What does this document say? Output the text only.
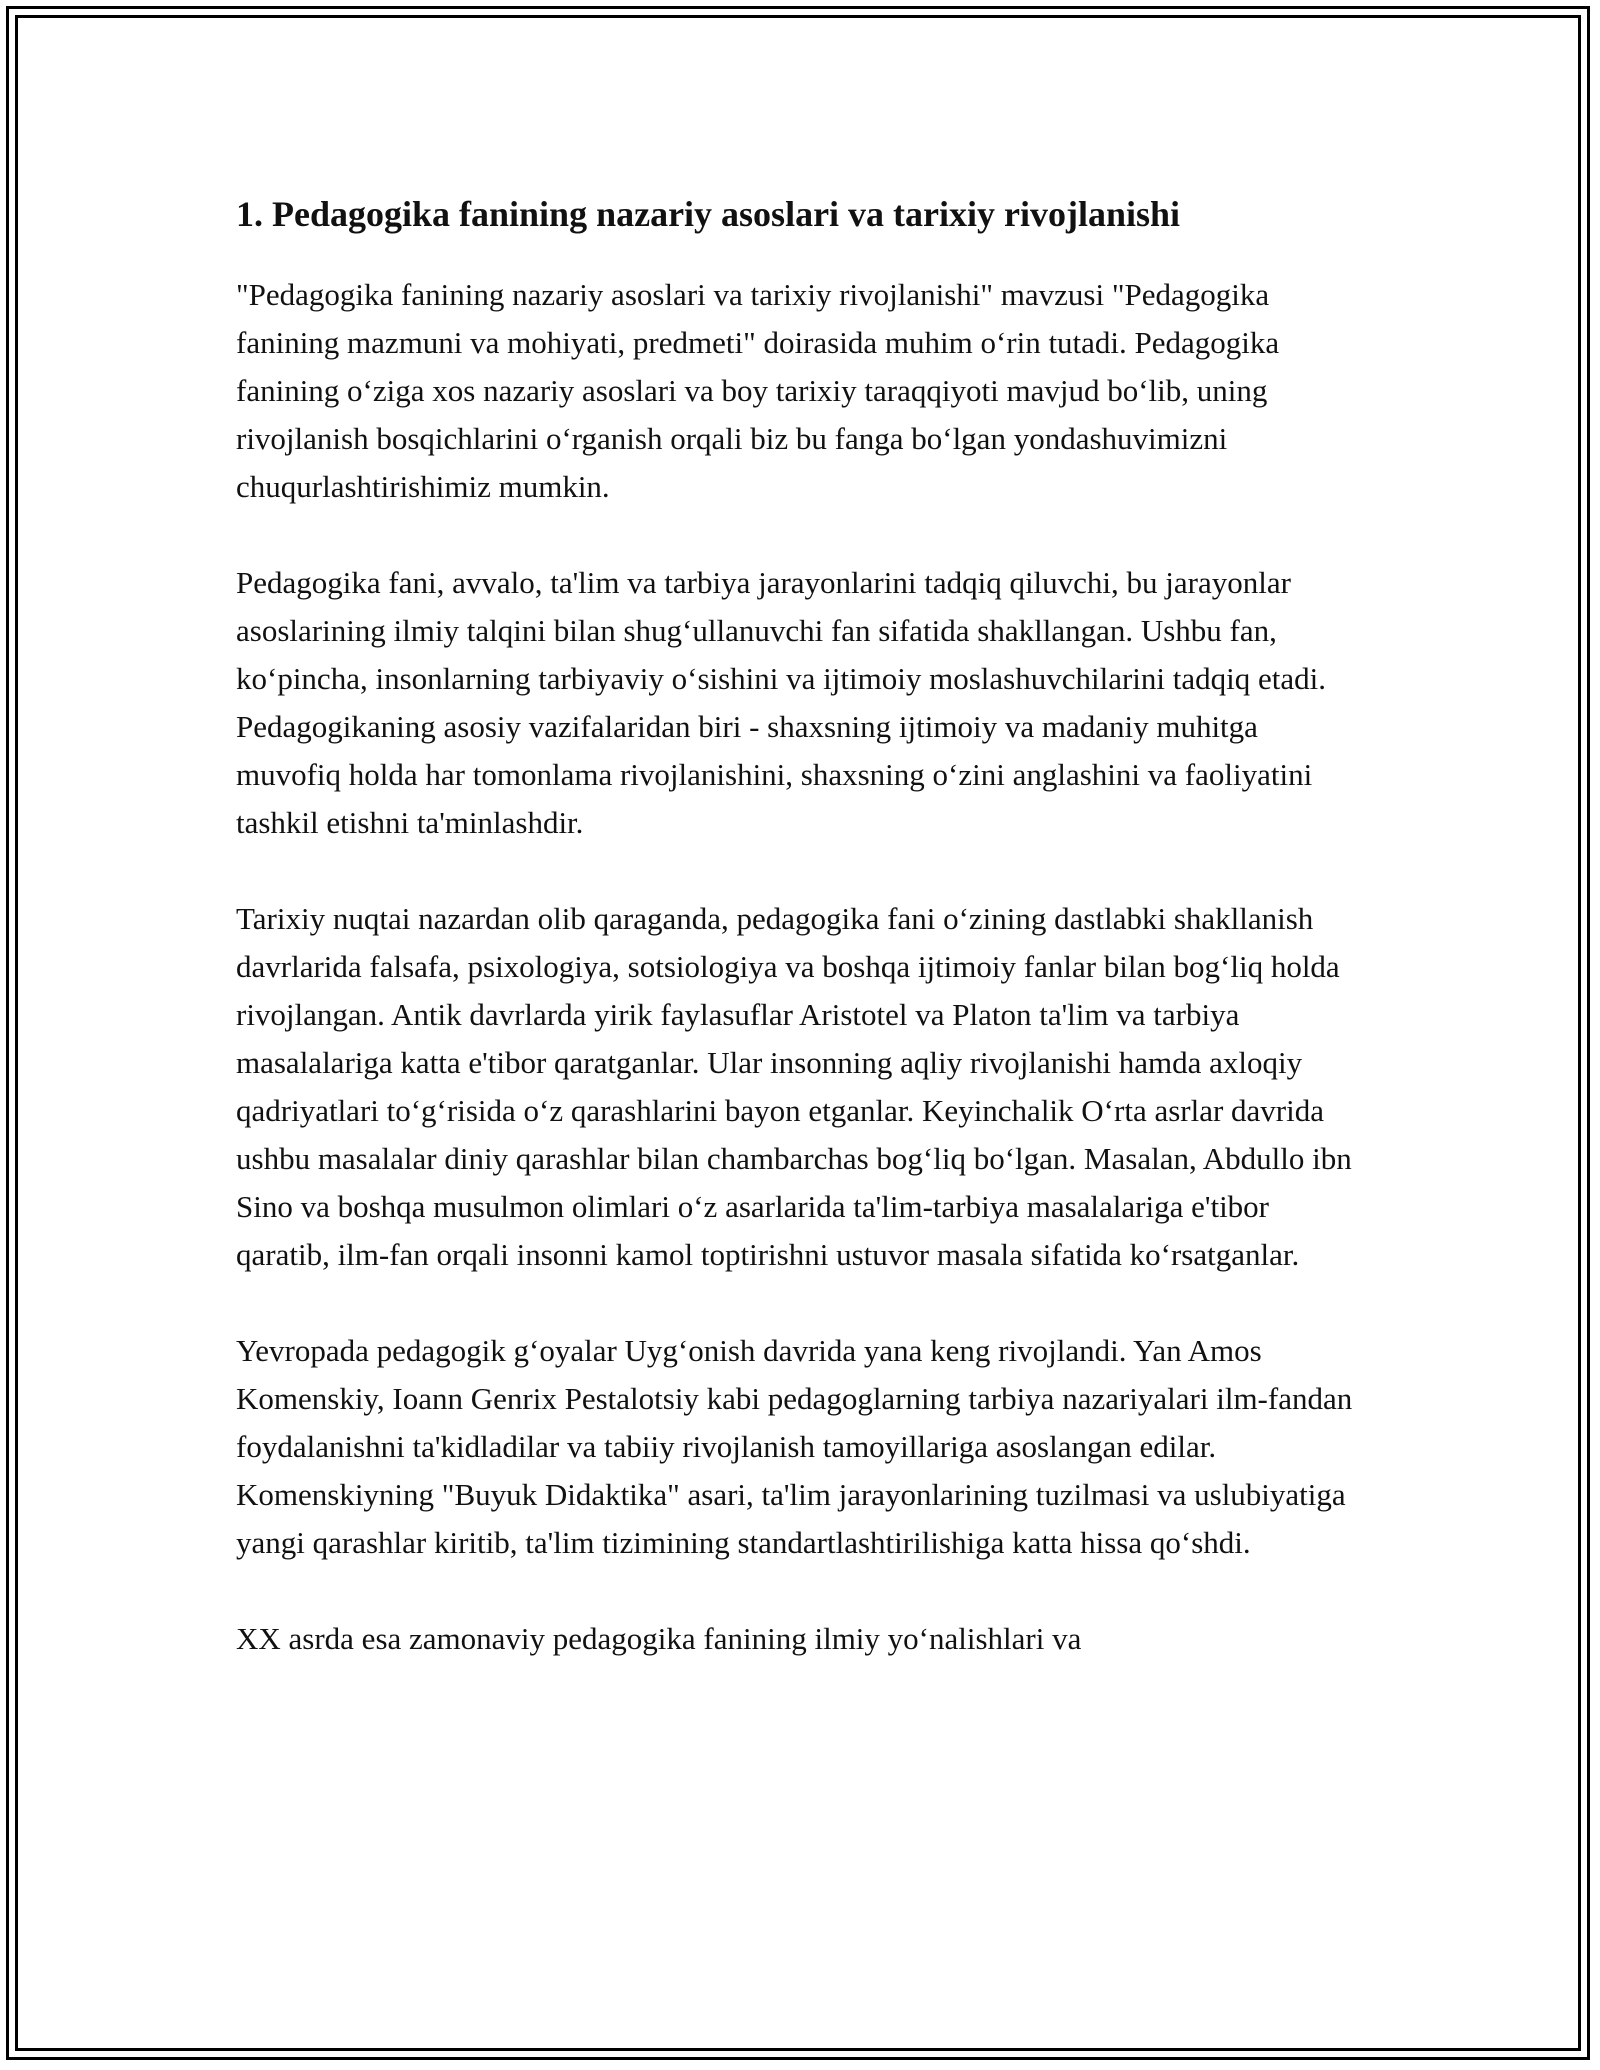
1. Pedagogika fanining nazariy asoslari va tarixiy rivojlanishi

"Pedagogika fanining nazariy asoslari va tarixiy rivojlanishi" mavzusi "Pedagogika fanining mazmuni va mohiyati, predmeti" doirasida muhim o‘rin tutadi. Pedagogika fanining o‘ziga xos nazariy asoslari va boy tarixiy taraqqiyoti mavjud bo‘lib, uning rivojlanish bosqichlarini o‘rganish orqali biz bu fanga bo‘lgan yondashuvimizni chuqurlashtirishimiz mumkin.

Pedagogika fani, avvalo, ta'lim va tarbiya jarayonlarini tadqiq qiluvchi, bu jarayonlar asoslarining ilmiy talqini bilan shug‘ullanuvchi fan sifatida shakllangan. Ushbu fan, ko‘pincha, insonlarning tarbiyaviy o‘sishini va ijtimoiy moslashuvchilarini tadqiq etadi. Pedagogikaning asosiy vazifalaridan biri - shaxsning ijtimoiy va madaniy muhitga muvofiq holda har tomonlama rivojlanishini, shaxsning o‘zini anglashini va faoliyatini tashkil etishni ta'minlashdir.

Tarixiy nuqtai nazardan olib qaraganda, pedagogika fani o‘zining dastlabki shakllanish davrlarida falsafa, psixologiya, sotsiologiya va boshqa ijtimoiy fanlar bilan bog‘liq holda rivojlangan. Antik davrlarda yirik faylasuflar Aristotel va Platon ta'lim va tarbiya masalalariga katta e'tibor qaratganlar. Ular insonning aqliy rivojlanishi hamda axloqiy qadriyatlari to‘g‘risida o‘z qarashlarini bayon etganlar. Keyinchalik O‘rta asrlar davrida ushbu masalalar diniy qarashlar bilan chambarchas bog‘liq bo‘lgan. Masalan, Abdullo ibn Sino va boshqa musulmon olimlari o‘z asarlarida ta'lim-tarbiya masalalariga e'tibor qaratib, ilm-fan orqali insonni kamol toptirishni ustuvor masala sifatida ko‘rsatganlar.

Yevropada pedagogik g‘oyalar Uyg‘onish davrida yana keng rivojlandi. Yan Amos Komenskiy, Ioann Genrix Pestalotsiy kabi pedagoglarning tarbiya nazariyalari ilm-fandan foydalanishni ta'kidladilar va tabiiy rivojlanish tamoyillariga asoslangan edilar. Komenskiyning "Buyuk Didaktika" asari, ta'lim jarayonlarining tuzilmasi va uslubiyatiga yangi qarashlar kiritib, ta'lim tizimining standartlashtirilishiga katta hissa qo‘shdi.

XX asrda esa zamonaviy pedagogika fanining ilmiy yo‘nalishlari va
